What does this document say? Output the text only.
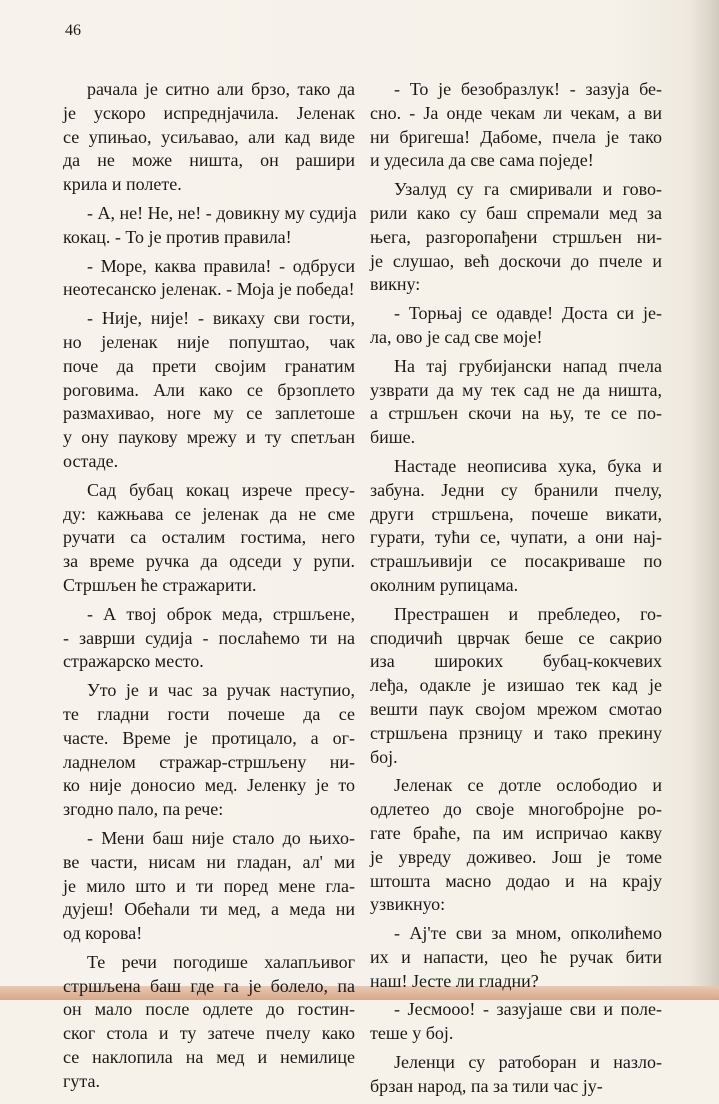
46
рачала је ситно али брзо, тако да
је ускоро испреднјачила. Јеленак
се упињао, усиљавао, али кад виде
да не може ништа, он рашири
крила и полете.
- А, не! Не, не! - довикну му судија
кокац. - То је против правила!
- Море, каква правила! - одбруси
неотесанско јеленак. - Моја је победа!
- Није, није! - викаху сви гости,
но јеленак није попуштао, чак
поче да прети својим гранатим
роговима. Али како се брзоплето
размахивао, ноге му се заплетоше
у ону паукову мрежу и ту спетљан
остаде.
Сад бубац кокац изрече пресу-
ду: кажњава се јеленак да не сме
ручати са осталим гостима, него
за време ручка да одседи у рупи.
Стршљен ће стражарити.
- А твој оброк меда, стршљене,
- заврши судија - послаћемо ти на
стражарско место.
Уто је и час за ручак наступио,
те гладни гости почеше да се
часте. Време је протицало, а ог-
ладнелом стражар-стршљену ни-
ко није доносио мед. Јеленку је то
згодно пало, па рече:
- Мени баш није стало до њихо-
ве части, нисам ни гладан, ал' ми
је мило што и ти поред мене гла-
дујеш! Обећали ти мед, а меда ни
од корова!
Те речи погодише халапљивог
стршљена баш где га је болело, па
он мало после одлете до гостин-
ског стола и ту затече пчелу како
се наклопила на мед и немилице
гута.
- То је безобразлук! - зазуја бе-
сно. - Ја онде чекам ли чекам, а ви
ни бригеша! Дабоме, пчела је тако
и удесила да све сама поједе!
Узалуд су га смиривали и гово-
рили како су баш спремали мед за
њега, разгоропађени стршљен ни-
је слушао, већ доскочи до пчеле и
викну:
- Торњај се одавде! Доста си је-
ла, ово је сад све моје!
На тај грубијански напад пчела
узврати да му тек сад не да ништа,
а стршљен скочи на њу, те се по-
бише.
Настаде неописива хука, бука и
забуна. Једни су бранили пчелу,
други стршљена, почеше викати,
гурати, тући се, чупати, а они нај-
страшљивији се посакриваше по
околним рупицама.
Престрашен и пребледео, го-
сподичић цврчак беше се сакрио
иза широких бубац-кокчевих
леђа, одакле је изишао тек кад је
вешти паук својом мрежом смотао
стршљена прзницу и тако прекину
бој.
Јеленак се дотле ослободио и
одлетео до своје многобројне ро-
гате браће, па им испричао какву
је увреду доживео. Још је томе
штошта масно додао и на крају
узвикнуо:
- Ај'те сви за мном, опколићемо
их и напасти, цео ће ручак бити
наш! Јесте ли гладни?
- Јесмооо! - зазујаше сви и поле-
теше у бој.
Јеленци су ратоборан и назло-
брзан народ, па за тили час ју-
